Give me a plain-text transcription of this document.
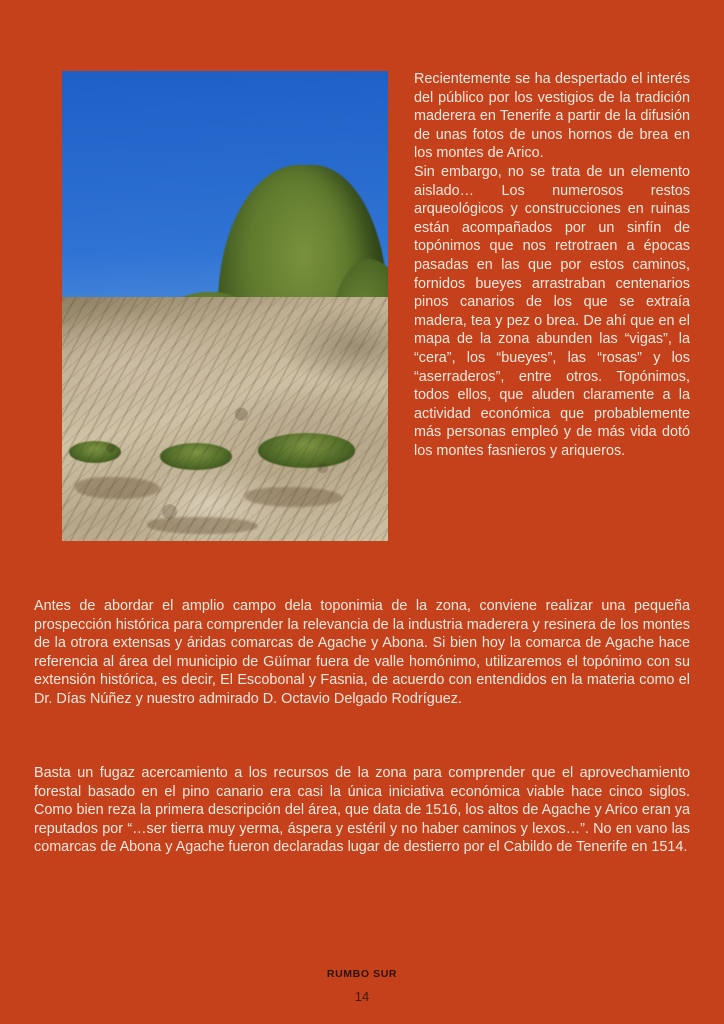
Recientemente se ha despertado el interés del público por los vestigios de la tradición maderera en Tenerife a partir de la difusión de unas fotos de unos hornos de brea en los montes de Arico.

Sin embargo, no se trata de un elemento aislado… Los numerosos restos arqueológicos y construcciones en ruinas están acompañados por un sinfín de topónimos que nos retrotraen a épocas pasadas en las que por estos caminos, fornidos bueyes arrastraban centenarios pinos canarios de los que se extraía madera, tea y pez o brea. De ahí que en el mapa de la zona abunden las “vigas”, la “cera”, los “bueyes”, las “rosas” y los “aserraderos”, entre otros. Topónimos, todos ellos, que aluden claramente a la actividad económica que probablemente más personas empleó y de más vida dotó los montes fasnieros y ariqueros.

Antes de abordar el amplio campo dela toponimia de la zona, conviene realizar una pequeña prospección histórica para comprender la relevancia de la industria maderera y resinera de los montes de la otrora extensas y áridas comarcas de Agache y Abona. Si bien hoy la comarca de Agache hace referencia al área del municipio de Güímar fuera de valle homónimo, utilizaremos el topónimo con su extensión histórica, es decir, El Escobonal y Fasnia, de acuerdo con entendidos en la materia como el Dr. Días Núñez y nuestro admirado D. Octavio Delgado Rodríguez.

Basta un fugaz acercamiento a los recursos de la zona para comprender que el aprovechamiento forestal basado en el pino canario era casi la única iniciativa económica viable hace cinco siglos. Como bien reza la primera descripción del área, que data de 1516, los altos de Agache y Arico eran ya reputados por “…ser tierra muy yerma, áspera y estéril y no haber caminos y lexos…”. No en vano las comarcas de Abona y Agache fueron declaradas lugar de destierro por el Cabildo de Tenerife en 1514.

RUMBO SUR

14
